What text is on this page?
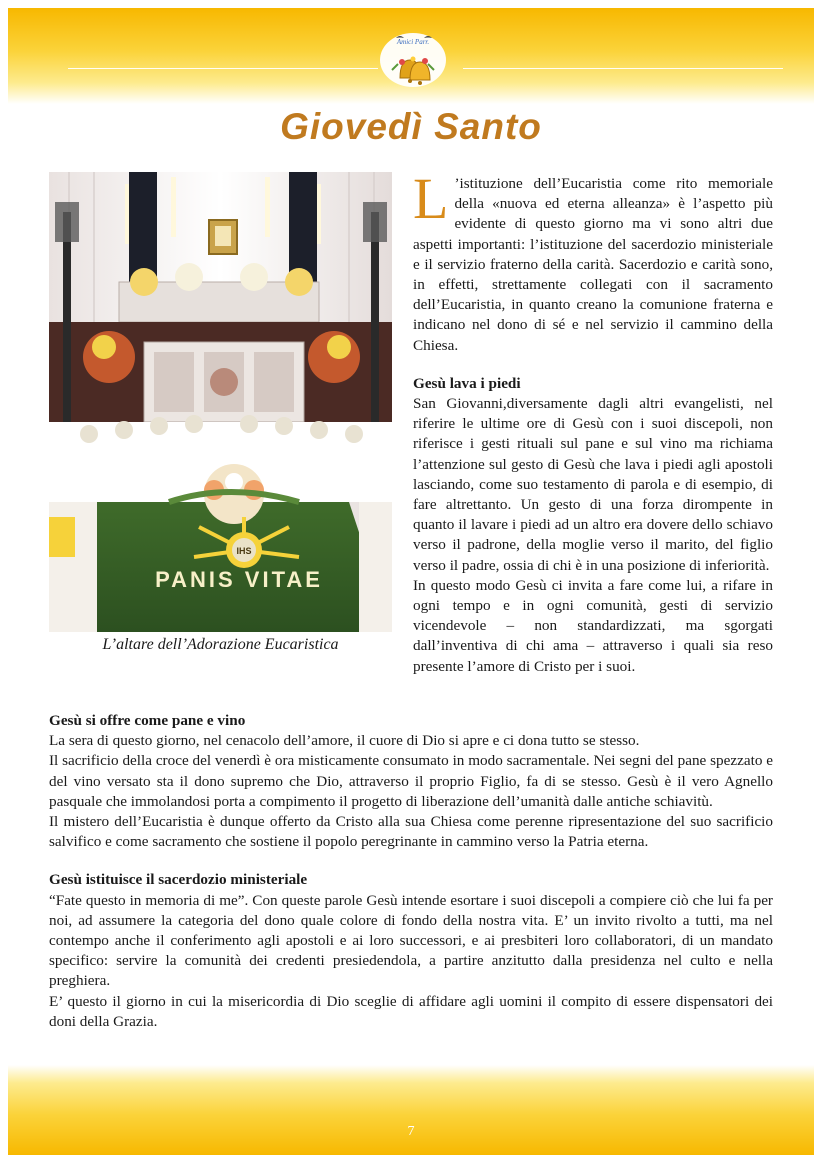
Amici Parr.
Giovedì Santo
IHS
PANIS VITAE
L’altare dell’Adorazione Eucaristica

L ’istituzione dell’Eucaristia come rito memoriale della «nuova ed eterna alleanza» è l’aspetto più evidente di questo giorno ma vi sono altri due aspetti importanti: l’istituzione del sacerdozio ministeriale e il servizio fraterno della carità. Sacerdozio e carità sono, in effetti, strettamente collegati con il sacramento dell’Eucaristia, in quanto creano la comunione fraterna e indicano nel dono di sé e nel servizio il cammino della Chiesa.

Gesù lava i piedi

San Giovanni,diversamente dagli altri evangelisti, nel riferire le ultime ore di Gesù con i suoi discepoli, non riferisce i gesti rituali sul pane e sul vino ma richiama l’attenzione sul gesto di Gesù che lava i piedi agli apostoli lasciando, come suo testamento di parola e di esempio, di fare altrettanto. Un gesto di una forza dirompente in quanto il lavare i piedi ad un altro era dovere dello schiavo verso il padrone, della moglie verso il marito, del figlio verso il padre, ossia di chi è in una posizione di inferiorità.

In questo modo Gesù ci invita a fare come lui, a rifare in ogni tempo e in ogni comunità, gesti di servizio vicendevole – non standardizzati, ma sgorgati dall’inventiva di chi ama – attraverso i quali sia reso presente l’amore di Cristo per i suoi.

Gesù si offre come pane e vino

La sera di questo giorno, nel cenacolo dell’amore, il cuore di Dio si apre e ci dona tutto se stesso.

Il sacrificio della croce del venerdì è ora misticamente consumato in modo sacramentale. Nei segni del pane spezzato e del vino versato sta il dono supremo che Dio, attraverso il proprio Figlio, fa di se stesso. Gesù è il vero Agnello pasquale che immolandosi porta a compimento il progetto di liberazione dell’umanità dalle antiche schiavitù.

Il mistero dell’Eucaristia è dunque offerto da Cristo alla sua Chiesa come perenne ripresentazione del suo sacrificio salvifico e come sacramento che sostiene il popolo peregrinante in cammino verso la Patria eterna.

Gesù istituisce il sacerdozio ministeriale

“Fate questo in memoria di me”. Con queste parole Gesù intende esortare i suoi discepoli a compiere ciò che lui fa per noi, ad assumere la categoria del dono quale colore di fondo della nostra vita. E’ un invito rivolto a tutti, ma nel contempo anche il conferimento agli apostoli e ai loro successori, e ai presbiteri loro collaboratori, di un mandato specifico: servire la comunità dei credenti presiedendola, a partire anzitutto dalla presidenza nel culto e nella preghiera.

E’ questo il giorno in cui la misericordia di Dio sceglie di affidare agli uomini il compito di essere dispensatori dei doni della Grazia.

7
